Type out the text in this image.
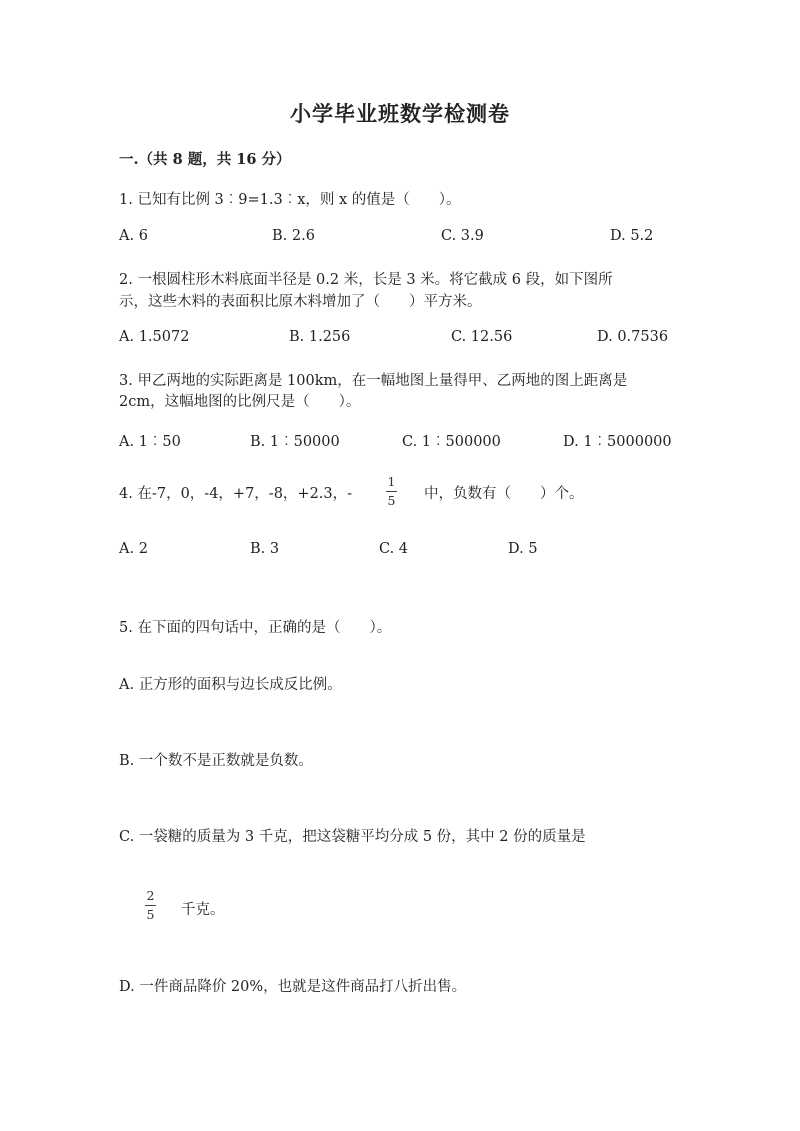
小学毕业班数学检测卷
一.（共 8 题，共 16 分）
1. 已知有比例 3︰9=1.3︰x，则 x 的值是（　　）。
A. 6	B. 2.6	C. 3.9	D. 5.2
2. 一根圆柱形木料底面半径是 0.2 米，长是 3 米。将它截成 6 段，如下图所
示，这些木料的表面积比原木料增加了（　　）平方米。
A. 1.5072	B. 1.256	C. 12.56	D. 0.7536
3. 甲乙两地的实际距离是 100km，在一幅地图上量得甲、乙两地的图上距离是
2cm，这幅地图的比例尺是（　　）。
A. 1︰50	B. 1︰50000	C. 1︰500000	D. 1︰5000000
4. 在-7，0，-4，+7，-8，+2.3，-
1
5 中，负数有（　　）个。
A. 2	B. 3	C. 4	D. 5
5. 在下面的四句话中，正确的是（　　）。
A. 正方形的面积与边长成反比例。
B. 一个数不是正数就是负数。
C. 一袋糖的质量为 3 千克，把这袋糖平均分成 5 份，其中 2 份的质量是
2
5 千克。
D. 一件商品降价 20%，也就是这件商品打八折出售。
